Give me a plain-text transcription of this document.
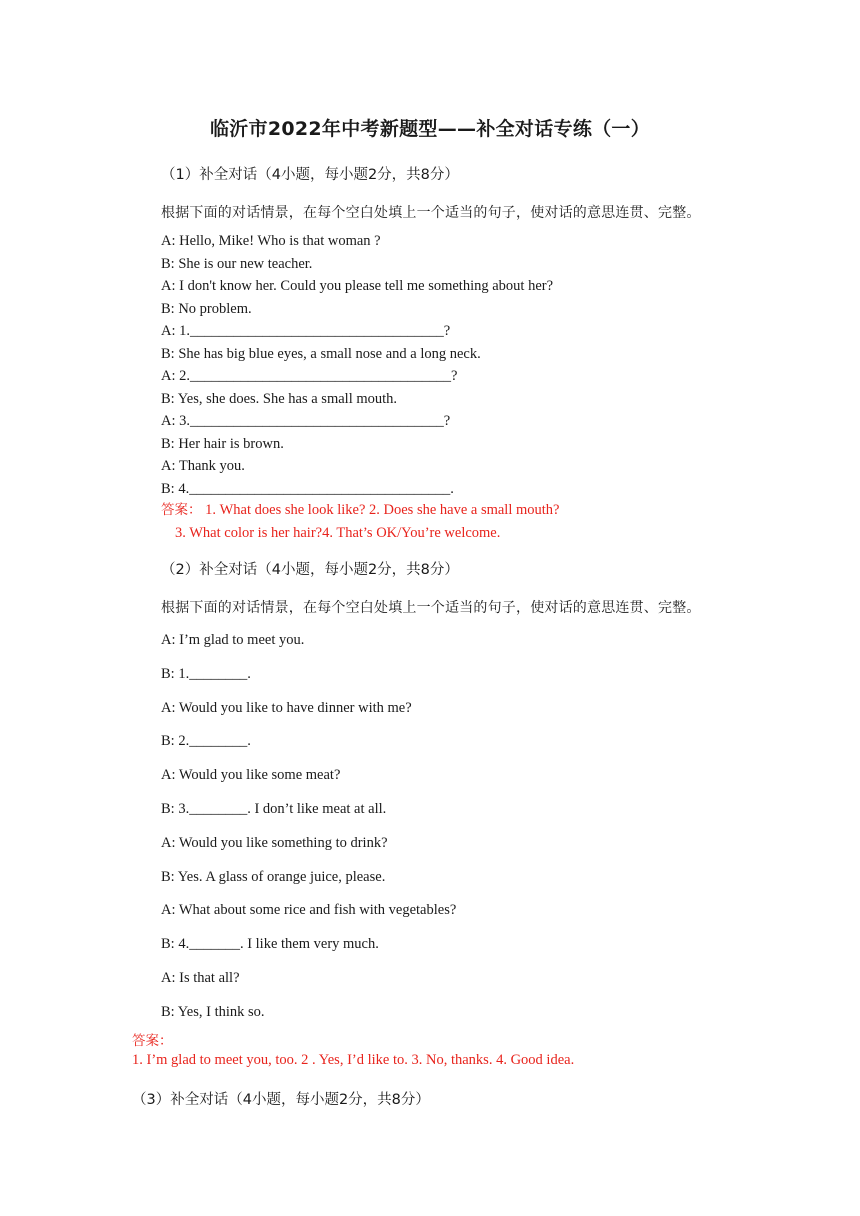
临沂市2022年中考新题型——补全对话专练（一）
（1）补全对话（4小题，每小题2分，共8分）
根据下面的对话情景，在每个空白处填上一个适当的句子，使对话的意思连贯、完整。
A: Hello, Mike! Who is that woman ?
B: She is our new teacher.
A: I don't know her. Could you please tell me something about her?
B: No problem.
A: 1.___________________________________?
B: She has big blue eyes, a small nose and a long neck.
A: 2.____________________________________?
B: Yes, she does. She has a small mouth.
A: 3.___________________________________?
B: Her hair is brown.
A: Thank you.
B: 4.____________________________________.
答案： 1. What does she look like? 2. Does she have a small mouth?
3. What color is her hair?4. That’s OK/You’re welcome.
（2）补全对话（4小题，每小题2分，共8分）
根据下面的对话情景，在每个空白处填上一个适当的句子，使对话的意思连贯、完整。
A: I’m glad to meet you.
B: 1.________.
A: Would you like to have dinner with me?
B: 2.________.
A: Would you like some meat?
B: 3.________. I don’t like meat at all.
A: Would you like something to drink?
B: Yes. A glass of orange juice, please.
A: What about some rice and fish with vegetables?
B: 4._______. I like them very much.
A: Is that all?
B: Yes, I think so.
答案：
1. I’m glad to meet you, too. 2 . Yes, I’d like to. 3. No, thanks. 4. Good idea.
（3）补全对话（4小题，每小题2分，共8分）
